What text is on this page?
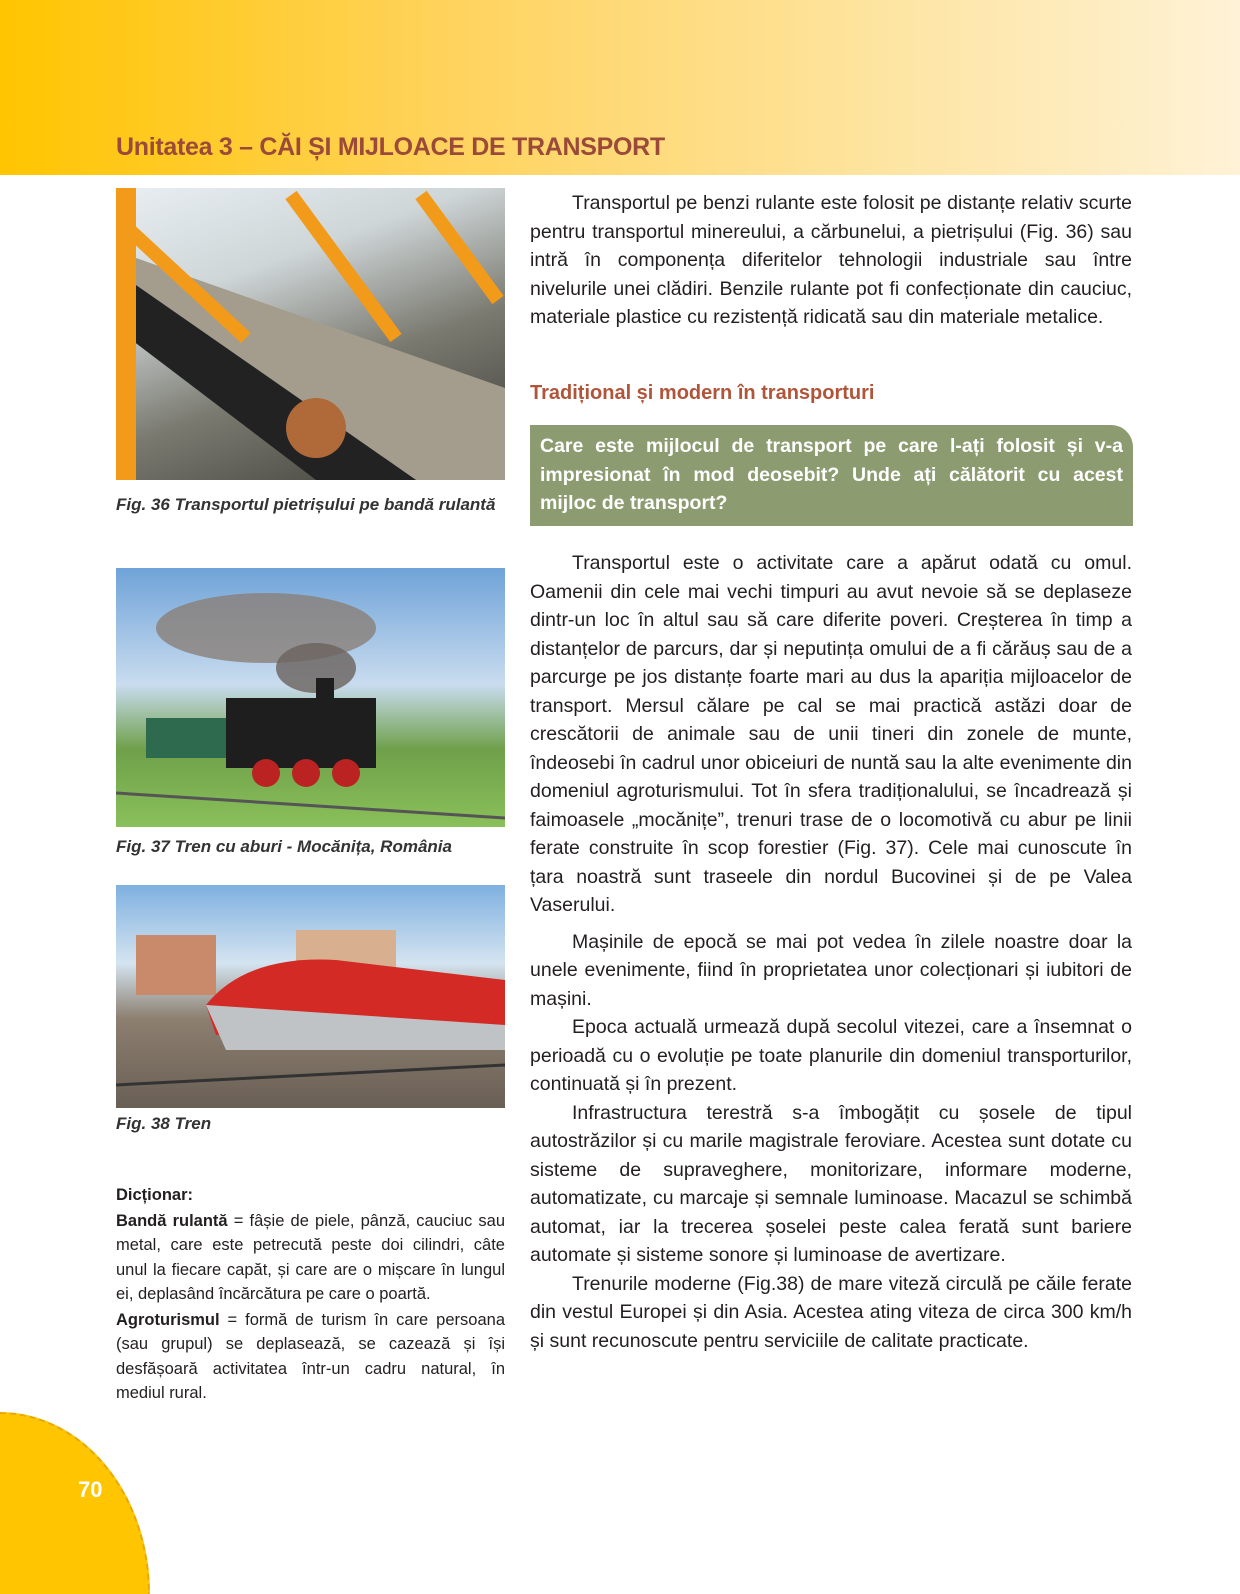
Unitatea 3 – CĂI ȘI MIJLOACE DE TRANSPORT
Fig. 36 Transportul pietrișului pe bandă rulantă
Fig. 37 Tren cu aburi - Mocănița, România
Fig. 38 Tren

Dicționar:

Bandă rulantă = fâșie de piele, pânză, cauciuc sau metal, care este petrecută peste doi cilindri, câte unul la fiecare capăt, și care are o mișcare în lungul ei, deplasând încărcătura pe care o poartă.

Agroturismul = formă de turism în care persoana (sau grupul) se deplasează, se cazează și își desfășoară activitatea într-un cadru natural, în mediul rural.

Transportul pe benzi rulante este folosit pe distanțe relativ scurte pentru transportul minereului, a cărbunelui, a pietrișului (Fig. 36) sau intră în componența diferitelor tehnologii industriale sau între nivelurile unei clădiri. Benzile rulante pot fi confecționate din cauciuc, materiale plastice cu rezistență ridicată sau din materiale metalice.

Tradițional și modern în transporturi
Care este mijlocul de transport pe care l-ați folosit și v-a impresionat în mod deosebit? Unde ați călătorit cu acest mijloc de transport?

Transportul este o activitate care a apărut odată cu omul. Oamenii din cele mai vechi timpuri au avut nevoie să se deplaseze dintr-un loc în altul sau să care diferite poveri. Creșterea în timp a distanțelor de parcurs, dar și neputința omului de a fi cărăuș sau de a parcurge pe jos distanțe foarte mari au dus la apariția mijloacelor de transport. Mersul călare pe cal se mai practică astăzi doar de crescătorii de animale sau de unii tineri din zonele de munte, îndeosebi în cadrul unor obiceiuri de nuntă sau la alte evenimente din domeniul agroturismului. Tot în sfera tradiționalului, se încadrează și faimoasele „mocănițe”, trenuri trase de o locomotivă cu abur pe linii ferate construite în scop forestier (Fig. 37). Cele mai cunoscute în țara noastră sunt traseele din nordul Bucovinei și de pe Valea Vaserului.

Mașinile de epocă se mai pot vedea în zilele noastre doar la unele evenimente, fiind în proprietatea unor colecționari și iubitori de mașini.

Epoca actuală urmează după secolul vitezei, care a însemnat o perioadă cu o evoluție pe toate planurile din domeniul transporturilor, continuată și în prezent.

Infrastructura terestră s-a îmbogățit cu șosele de tipul autostrăzilor și cu marile magistrale feroviare. Acestea sunt dotate cu sisteme de supraveghere, monitorizare, informare moderne, automatizate, cu marcaje și semnale luminoase. Macazul se schimbă automat, iar la trecerea șoselei peste calea ferată sunt bariere automate și sisteme sonore și luminoase de avertizare.

Trenurile moderne (Fig.38) de mare viteză circulă pe căile ferate din vestul Europei și din Asia. Acestea ating viteza de circa 300 km/h și sunt recunoscute pentru serviciile de calitate practicate.

70
